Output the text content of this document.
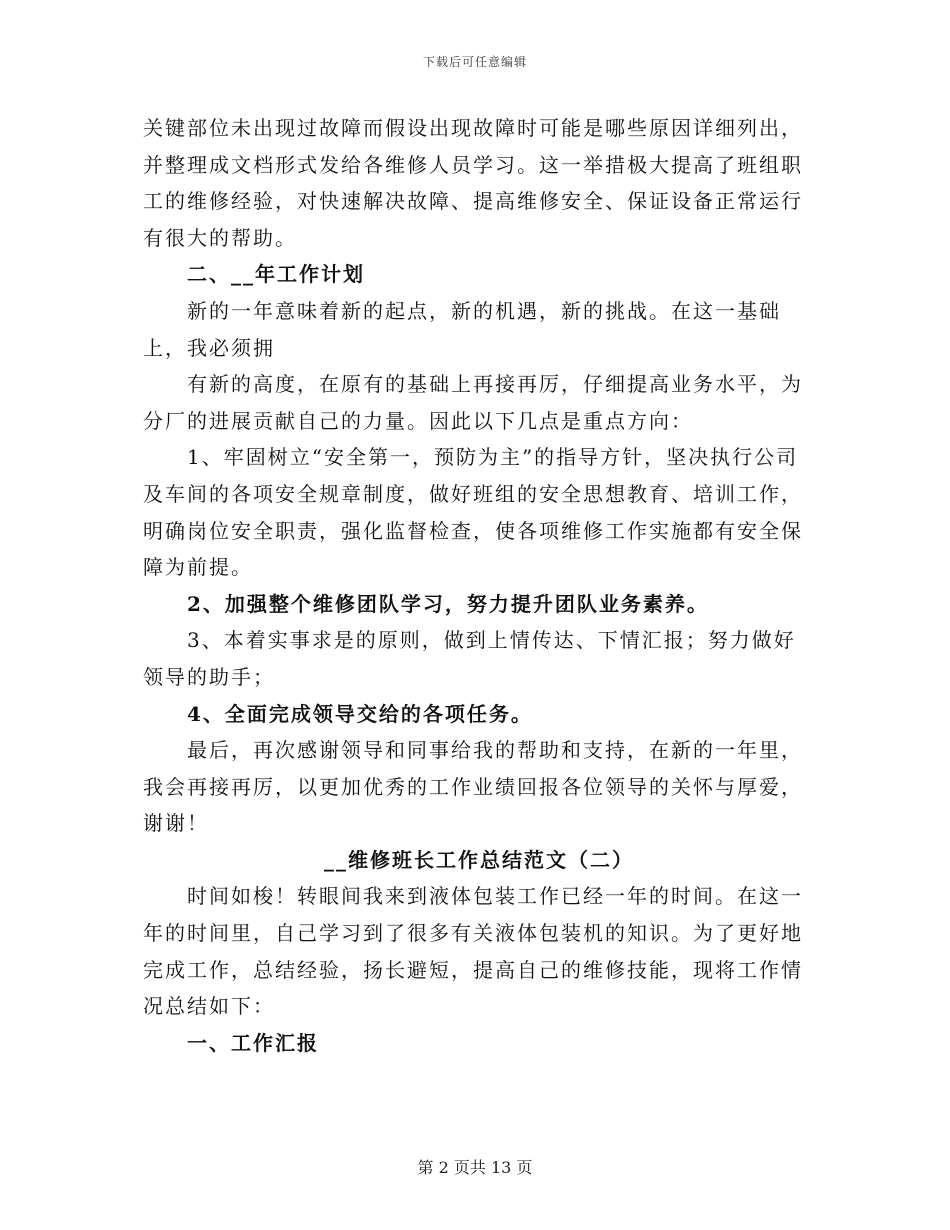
下载后可任意编辑

关键部位未出现过故障而假设出现故障时可能是哪些原因详细列出，并整理成文档形式发给各维修人员学习。这一举措极大提高了班组职工的维修经验，对快速解决故障、提高维修安全、保证设备正常运行有很大的帮助。

二、__年工作计划

新的一年意味着新的起点，新的机遇，新的挑战。在这一基础上，我必须拥

有新的高度，在原有的基础上再接再厉，仔细提高业务水平，为分厂的进展贡献自己的力量。因此以下几点是重点方向：

1、牢固树立“安全第一，预防为主”的指导方针，坚决执行公司及车间的各项安全规章制度，做好班组的安全思想教育、培训工作，明确岗位安全职责，强化监督检查，使各项维修工作实施都有安全保障为前提。

2、加强整个维修团队学习，努力提升团队业务素养。

3、本着实事求是的原则，做到上情传达、下情汇报；努力做好领导的助手；

4、全面完成领导交给的各项任务。

最后，再次感谢领导和同事给我的帮助和支持，在新的一年里，我会再接再厉，以更加优秀的工作业绩回报各位领导的关怀与厚爱，谢谢！

__维修班长工作总结范文（二）

时间如梭！转眼间我来到液体包装工作已经一年的时间。在这一年的时间里，自己学习到了很多有关液体包装机的知识。为了更好地完成工作，总结经验，扬长避短，提高自己的维修技能，现将工作情况总结如下：

一、工作汇报

第 2 页共 13 页
